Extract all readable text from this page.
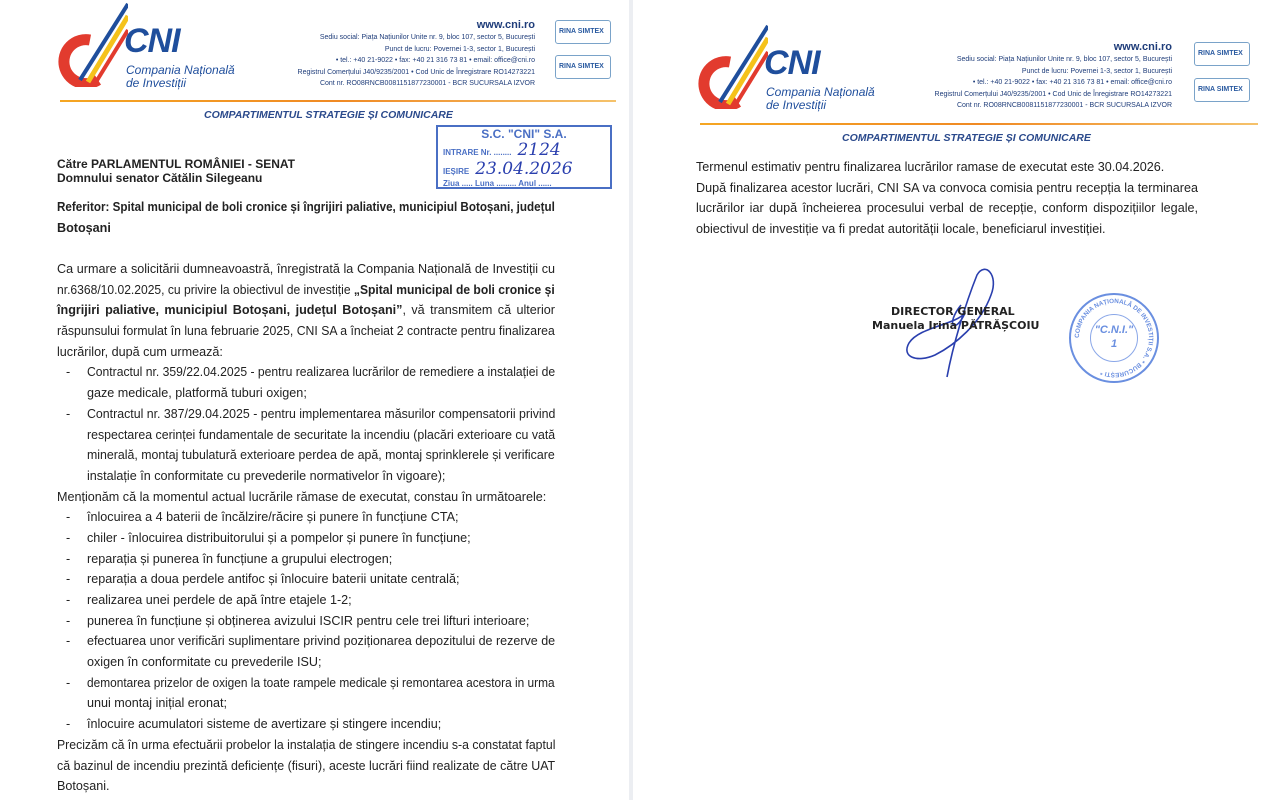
CNI
Compania Națională
de Investiții
www.cni.ro
Sediu social: Piața Națiunilor Unite nr. 9, bloc 107, sector 5, București
Punct de lucru: Povernei 1-3, sector 1, București
• tel.: +40 21-9022 • fax: +40 21 316 73 81 • email: office@cni.ro
Registrul Comerțului J40/9235/2001 • Cod Unic de Înregistrare RO14273221
Cont nr. RO08RNCB0081151877230001 - BCR SUCURSALA IZVOR
RINA SIMTEX
RINA SIMTEX
COMPARTIMENTUL STRATEGIE ȘI COMUNICARE
S.C. "CNI" S.A.
INTRARE Nr. ........ 2124
IEȘIRE 23.04.2026
Ziua ..... Luna ......... Anul ......
Către PARLAMENTUL ROMÂNIEI - SENAT
Domnului senator Cătălin Silegeanu
Referitor: Spital municipal de boli cronice și îngrijiri paliative, municipiul Botoșani, județul
Botoșani
Ca urmare a solicitării dumneavoastră, înregistrată la Compania Națională de Investiții cu
nr.6368/10.02.2025, cu privire la obiectivul de investiție „Spital municipal de boli cronice și
îngrijiri paliative, municipiul Botoșani, județul Botoșani”, vă transmitem că ulterior
răspunsului formulat în luna februarie 2025, CNI SA a încheiat 2 contracte pentru finalizarea
lucrărilor, după cum urmează:
- Contractul nr. 359/22.04.2025 - pentru realizarea lucrărilor de remediere a instalației de
gaze medicale, platformă tuburi oxigen;
- Contractul nr. 387/29.04.2025 - pentru implementarea măsurilor compensatorii privind
respectarea cerinței fundamentale de securitate la incendiu (placări exterioare cu vată
minerală, montaj tubulatură exterioare perdea de apă, montaj sprinklerele și verificare
instalație în conformitate cu prevederile normativelor în vigoare);
Menționăm că la momentul actual lucrările rămase de executat, constau în următoarele:
- înlocuirea a 4 baterii de încălzire/răcire și punere în funcțiune CTA;
- chiler - înlocuirea distribuitorului și a pompelor și punere în funcțiune;
- reparația și punerea în funcțiune a grupului electrogen;
- reparația a doua perdele antifoc și înlocuire baterii unitate centrală;
- realizarea unei perdele de apă între etajele 1-2;
- punerea în funcțiune și obținerea avizului ISCIR pentru cele trei lifturi interioare;
- efectuarea unor verificări suplimentare privind poziționarea depozitului de rezerve de
oxigen în conformitate cu prevederile ISU;
- demontarea prizelor de oxigen la toate rampele medicale și remontarea acestora in urma
unui montaj inițial eronat;
- înlocuire acumulatori sisteme de avertizare și stingere incendiu;
Precizăm că în urma efectuării probelor la instalația de stingere incendiu s-a constatat faptul
că bazinul de incendiu prezintă deficiențe (fisuri), aceste lucrări fiind realizate de către UAT
Botoșani.
CNI
Compania Națională
de Investiții
www.cni.ro
Sediu social: Piața Națiunilor Unite nr. 9, bloc 107, sector 5, București
Punct de lucru: Povernei 1-3, sector 1, București
• tel.: +40 21-9022 • fax: +40 21 316 73 81 • email: office@cni.ro
Registrul Comerțului J40/9235/2001 • Cod Unic de Înregistrare RO14273221
Cont nr. RO08RNCB0081151877230001 - BCR SUCURSALA IZVOR
RINA SIMTEX
RINA SIMTEX
COMPARTIMENTUL STRATEGIE ȘI COMUNICARE
Termenul estimativ pentru finalizarea lucrărilor ramase de executat este 30.04.2026.
După finalizarea acestor lucrări, CNI SA va convoca comisia pentru recepția la terminarea
lucrărilor iar după încheierea procesului verbal de recepție, conform dispozițiilor legale,
obiectivul de investiție va fi predat autorității locale, beneficiarul investiției.
DIRECTOR GENERAL
Manuela Irina PĂTRĂȘCOIU
COMPANIA NAȚIONALĂ DE INVESTIȚII S.A. * BUCUREȘTI *
"C.N.I."
1
